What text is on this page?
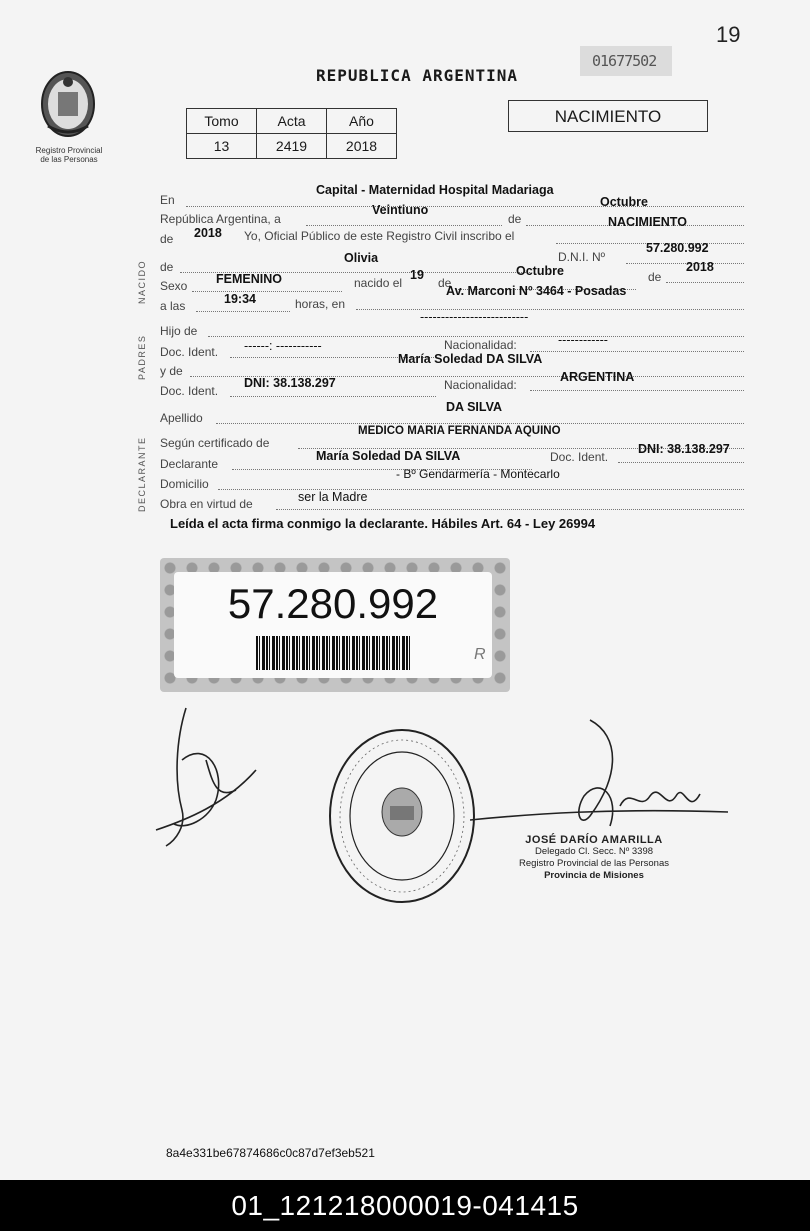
19
Registro Provincial
de las Personas
REPUBLICA ARGENTINA
01677502
Tomo	Acta	Año
13	2419	2018
NACIMIENTO
NACIDO
PADRES
DECLARANTE
En
Capital - Maternidad Hospital Madariaga
República Argentina, a
Veintiuno
de
Octubre
de 2018 Yo, Oficial Público de este Registro Civil inscribo el
NACIMIENTO
de
Olivia	D.N.I. Nº
57.280.992
Sexo FEMENINO	nacido el
19
de
Octubre	de
2018
a las	19:34	horas, en
Av. Marconi Nº 3464 - Posadas
Hijo de
--------------------------
Doc. Ident. ------: -----------	Nacionalidad:	------------
y de
María Soledad DA SILVA
Doc. Ident.
DNI: 38.138.297	Nacionalidad:
ARGENTINA
Apellido
DA SILVA
Según certificado de
MEDICO MARIA FERNANDA AQUINO
Declarante
María Soledad DA SILVA	Doc. Ident.
DNI: 38.138.297
Domicilio
- Bº Gendarmería - Montecarlo
Obra en virtud de	ser la Madre
Leída el acta firma conmigo la declarante. Hábiles Art. 64 - Ley 26994
57.280.992
R
JOSÉ DARÍO AMARILLA
Delegado Cl. Secc. Nº 3398
Registro Provincial de las Personas
Provincia de Misiones
8a4e331be67874686c0c87d7ef3eb521
01_121218000019-041415
